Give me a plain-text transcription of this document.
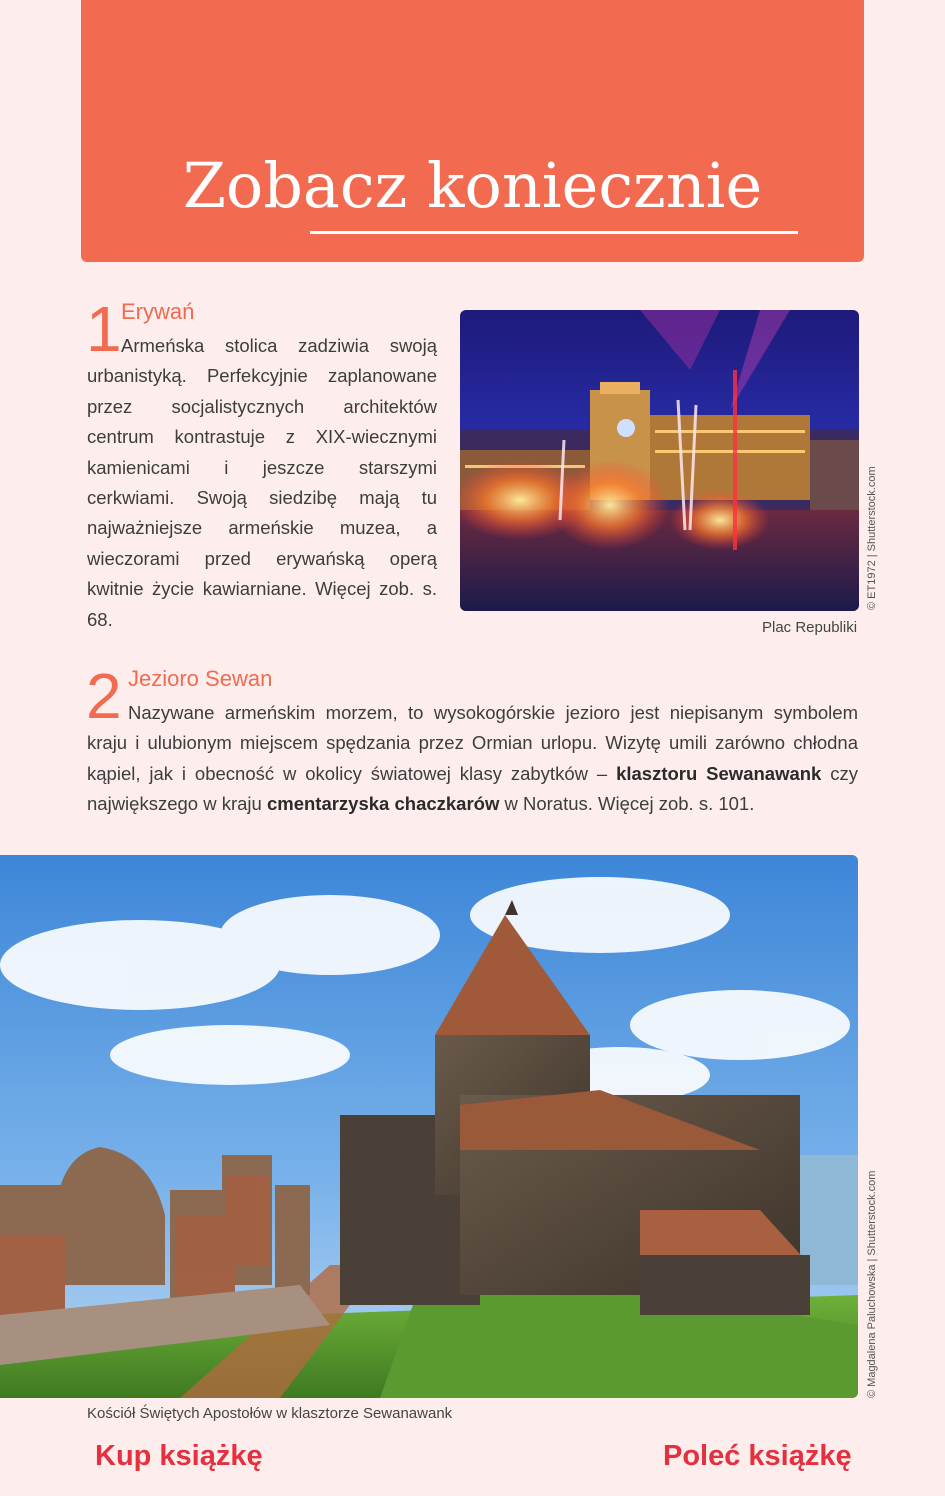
Zobacz koniecznie
1 Erywań

Armeńska stolica zadziwia swoją urbanistyką. Perfekcyjnie zaplanowane przez socjalistycznych architektów centrum kontrastuje z XIX-wiecznymi kamienicami i jeszcze starszymi cerkwiami. Swoją siedzibę mają tu najważniejsze armeńskie muzea, a wieczorami przed erywańską operą kwitnie życie kawiarniane. Więcej zob. s. 68.

© ET1972 | Shutterstock.com
Plac Republiki
2 Jezioro Sewan

Nazywane armeńskim morzem, to wysokogórskie jezioro jest niepisanym symbolem kraju i ulubionym miejscem spędzania przez Ormian urlopu. Wizytę umili zarówno chłodna kąpiel, jak i obecność w okolicy światowej klasy zabytków – klasztoru Sewanawank czy największego w kraju cmentarzyska chaczkarów w Noratus. Więcej zob. s. 101.

© Magdalena Paluchowska | Shutterstock.com
Kościół Świętych Apostołów w klasztorze Sewanawank
Kup książkę	Poleć książkę
